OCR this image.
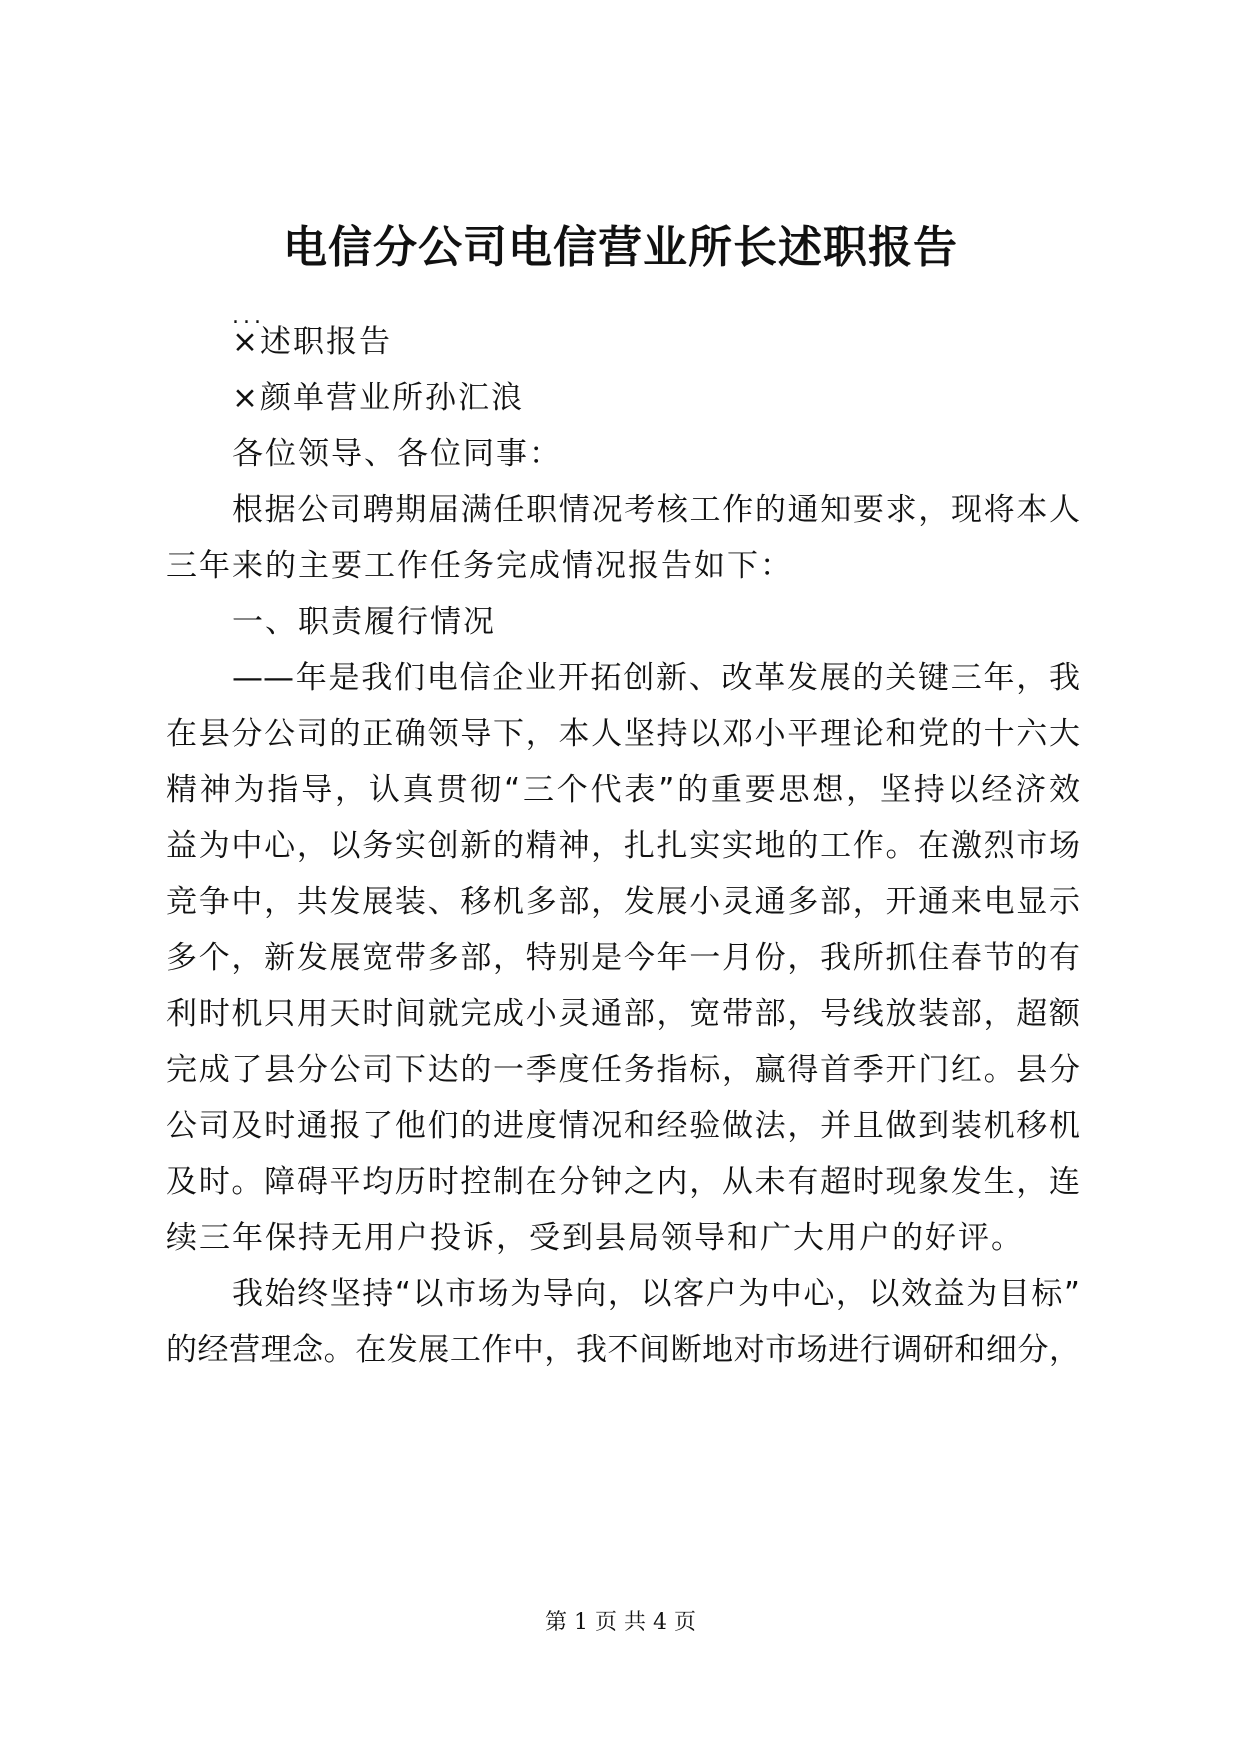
电信分公司电信营业所长述职报告
...
×述职报告
×颜单营业所孙汇浪
各位领导、各位同事：
根据公司聘期届满任职情况考核工作的通知要求，现将本人
三年来的主要工作任务完成情况报告如下：
一、职责履行情况
——年是我们电信企业开拓创新、改革发展的关键三年，我
在县分公司的正确领导下，本人坚持以邓小平理论和党的十六大
精神为指导，认真贯彻“三个代表”的重要思想，坚持以经济效
益为中心，以务实创新的精神，扎扎实实地的工作。在激烈市场
竞争中，共发展装、移机多部，发展小灵通多部，开通来电显示
多个，新发展宽带多部，特别是今年一月份，我所抓住春节的有
利时机只用天时间就完成小灵通部，宽带部，号线放装部，超额
完成了县分公司下达的一季度任务指标，赢得首季开门红。县分
公司及时通报了他们的进度情况和经验做法，并且做到装机移机
及时。障碍平均历时控制在分钟之内，从未有超时现象发生，连
续三年保持无用户投诉，受到县局领导和广大用户的好评。
我始终坚持“以市场为导向，以客户为中心，以效益为目标”
的经营理念。在发展工作中，我不间断地对市场进行调研和细分，
第 1 页 共 4 页
